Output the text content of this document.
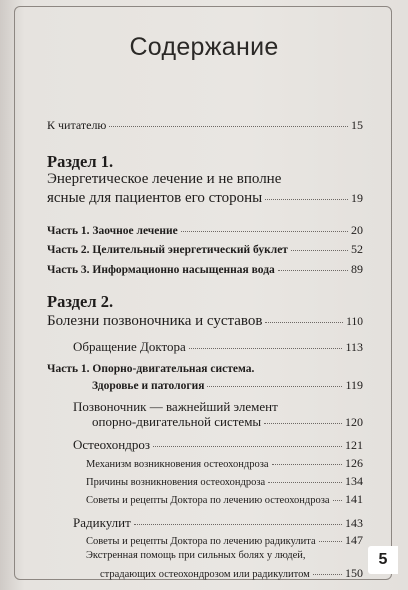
Содержание
К читателю	15
Раздел 1.
Энергетическое лечение и не вполне
ясные для пациентов его стороны	19
Часть 1. Заочное лечение	20
Часть 2. Целительный энергетический буклет	52
Часть 3. Информационно насыщенная вода	89
Раздел 2.
Болезни позвоночника и суставов	110
Обращение Доктора	113
Часть 1. Опорно-двигательная система.
Здоровье и патология	119
Позвоночник — важнейший элемент
опорно-двигательной системы	120
Остеохондроз	121
Механизм возникновения остеохондроза	126
Причины возникновения остеохондроза	134
Советы и рецепты Доктора по лечению остеохондроза 141
Радикулит	143
Советы и рецепты Доктора по лечению радикулита 147
Экстренная помощь при сильных болях у людей,
страдающих остеохондрозом или радикулитом	150
5
